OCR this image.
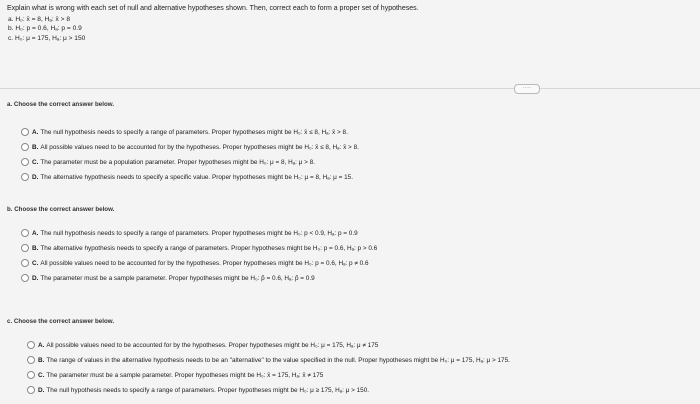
Explain what is wrong with each set of null and alternative hypotheses shown. Then, correct each to form a proper set of hypotheses.
a. H₀: x̄ = 8, Hₐ: x̄ > 8
b. H₀: p = 0.6, Hₐ: p = 0.9
c. H₀: μ = 175, Hₐ: μ > 150
·····
a. Choose the correct answer below.
A. The null hypothesis needs to specify a range of parameters. Proper hypotheses might be H₀: x̄ ≤ 8, Hₐ: x̄ > 8.
B. All possible values need to be accounted for by the hypotheses. Proper hypotheses might be H₀: x̄ ≤ 8, Hₐ: x̄ > 8.
C. The parameter must be a population parameter. Proper hypotheses might be H₀: μ = 8, Hₐ: μ > 8.
D. The alternative hypothesis needs to specify a specific value. Proper hypotheses might be H₀: μ = 8, Hₐ: μ = 15.
b. Choose the correct answer below.
A. The null hypothesis needs to specify a range of parameters. Proper hypotheses might be H₀: p < 0.9, Hₐ: p = 0.9
B. The alternative hypothesis needs to specify a range of parameters. Proper hypotheses might be H₀: p = 0.6, Hₐ: p > 0.6
C. All possible values need to be accounted for by the hypotheses. Proper hypotheses might be H₀: p = 0.6, Hₐ: p ≠ 0.6
D. The parameter must be a sample parameter. Proper hypotheses might be H₀: p̂ = 0.6, Hₐ: p̂ = 0.9
c. Choose the correct answer below.
A. All possible values need to be accounted for by the hypotheses. Proper hypotheses might be H₀: μ = 175, Hₐ: μ ≠ 175
B. The range of values in the alternative hypothesis needs to be an "alternative" to the value specified in the null. Proper hypotheses might be H₀: μ = 175, Hₐ: μ > 175.
C. The parameter must be a sample parameter. Proper hypotheses might be H₀: x̄ = 175, Hₐ: x̄ ≠ 175
D. The null hypothesis needs to specify a range of parameters. Proper hypotheses might be H₀: μ ≥ 175, Hₐ: μ > 150.
